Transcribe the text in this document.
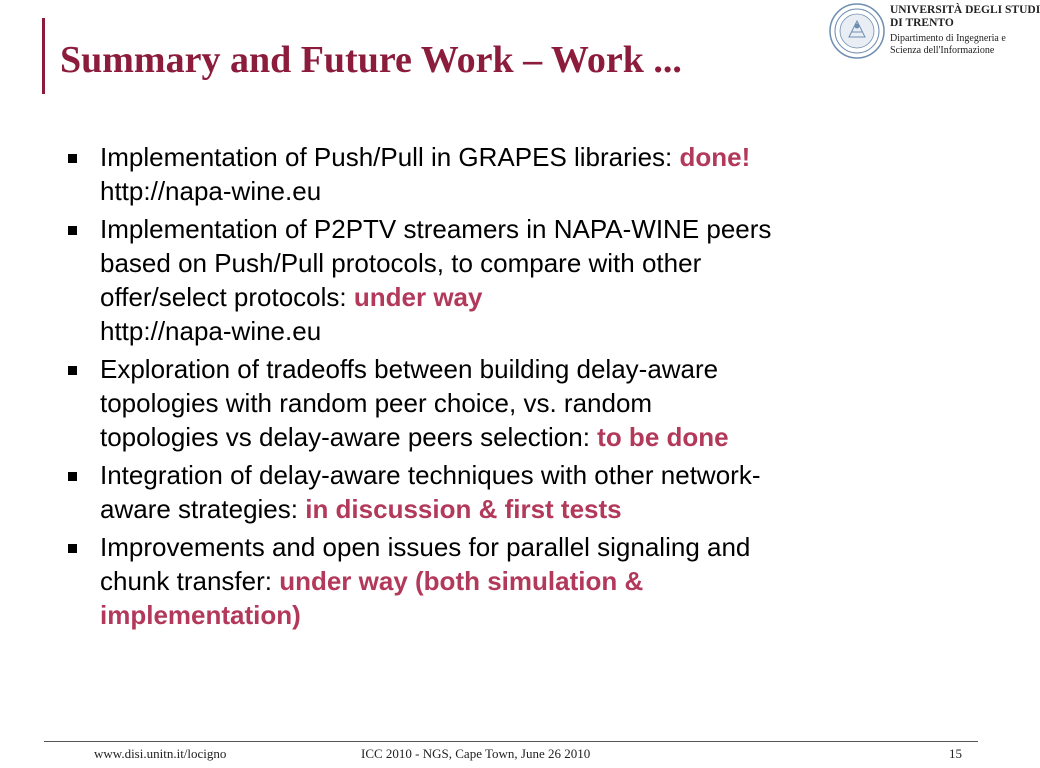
Summary and Future Work – Work ...
UNIVERSITÀ DEGLI STUDI
DI TRENTO
Dipartimento di Ingegneria e
Scienza dell'Informazione
Implementation of Push/Pull in GRAPES libraries: done!
http://napa-wine.eu
Implementation of P2PTV streamers in NAPA-WINE peers
based on Push/Pull protocols, to compare with other
offer/select protocols: under way
http://napa-wine.eu
Exploration of tradeoffs between building delay-aware
topologies with random peer choice, vs. random
topologies vs delay-aware peers selection: to be done
Integration of delay-aware techniques with other network-
aware strategies: in discussion & first tests
Improvements and open issues for parallel signaling and
chunk transfer: under way (both simulation &
implementation)
www.disi.unitn.it/locigno	ICC 2010 - NGS, Cape Town, June 26 2010	15
